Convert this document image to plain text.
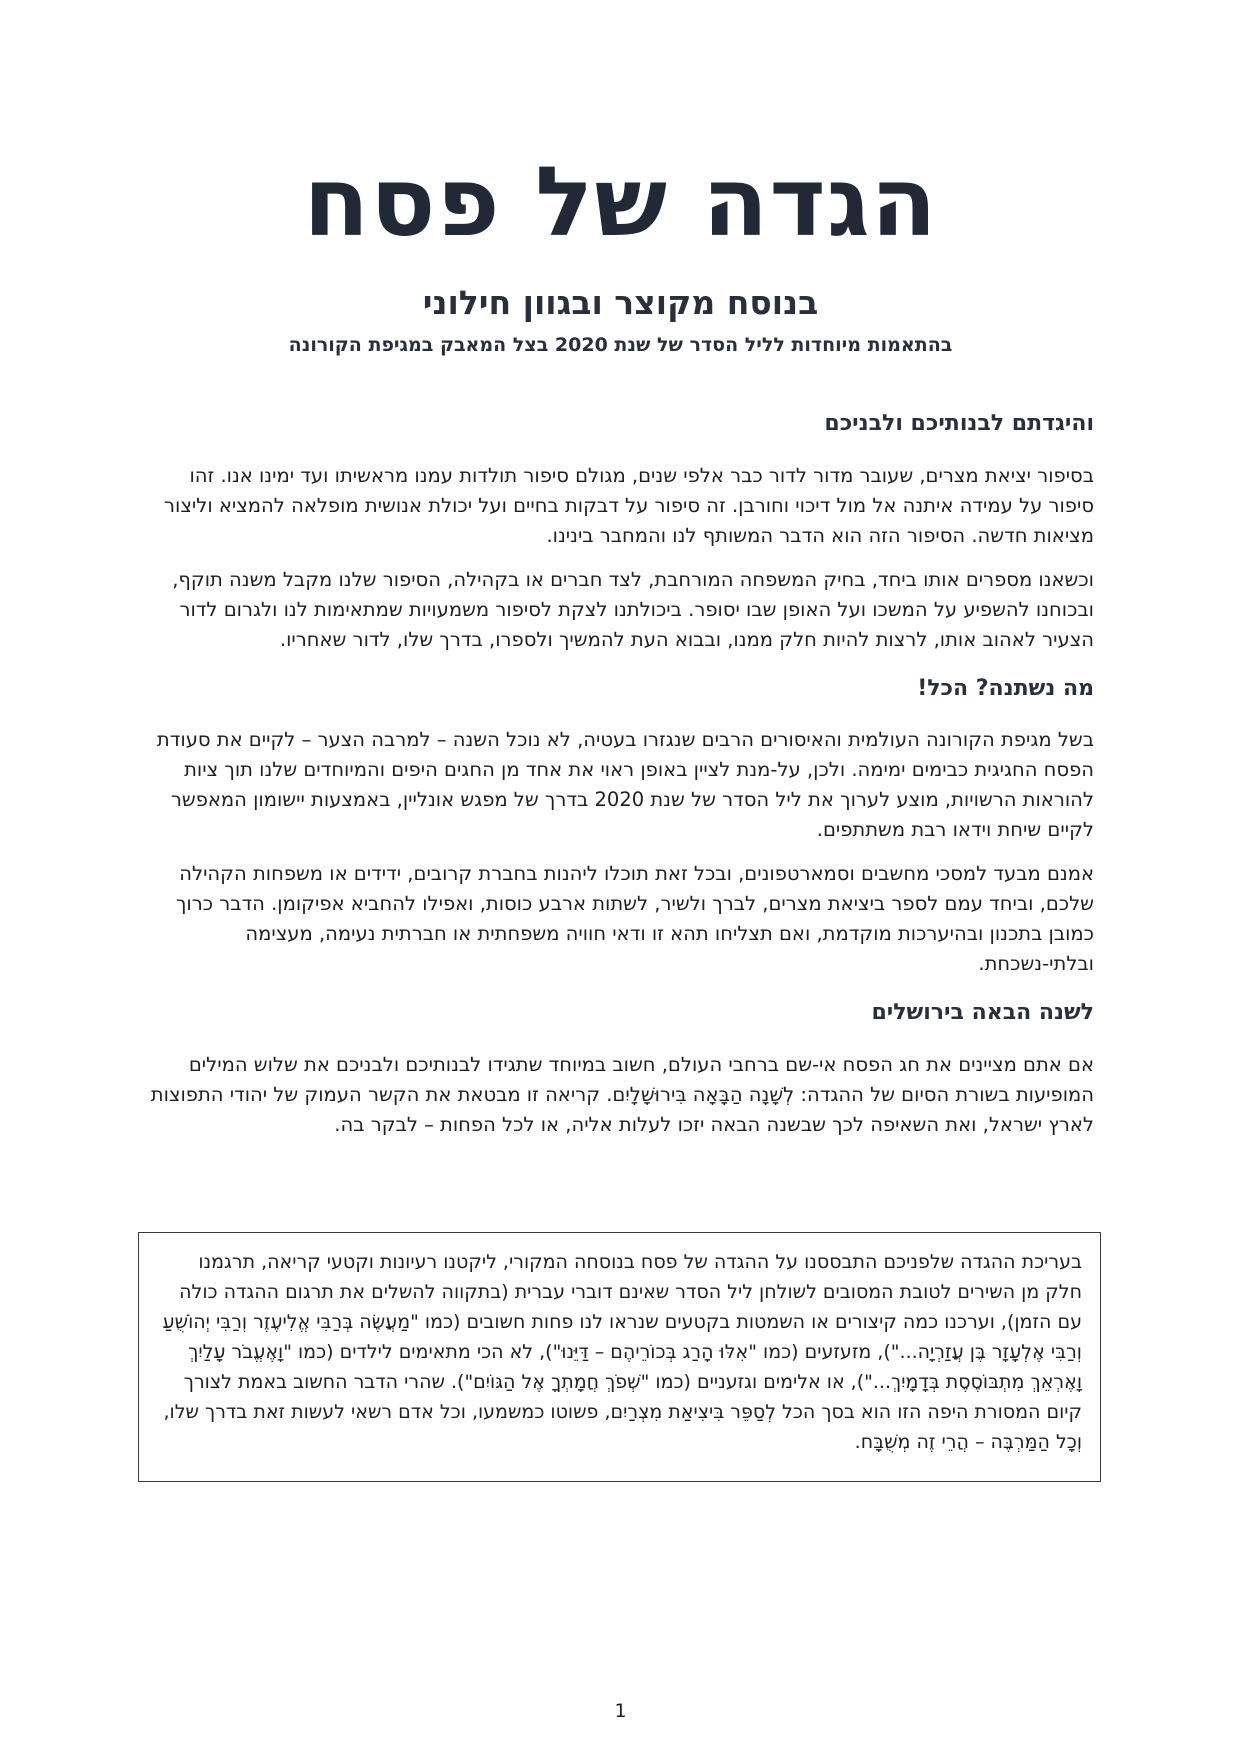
הגדה של פסח
בנוסח מקוצר ובגוון חילוני
בהתאמות מיוחדות לליל הסדר של שנת 2020 בצל המאבק במגיפת הקורונה
והיגדתם לבנותיכם ולבניכם

בסיפור יציאת מצרים, שעובר מדור לדור כבר אלפי שנים, מגולם סיפור תולדות עמנו מראשיתו ועד ימינו אנו. זהו סיפור על עמידה איתנה אל מול דיכוי וחורבן. זה סיפור על דבקות בחיים ועל יכולת אנושית מופלאה להמציא וליצור מציאות חדשה. הסיפור הזה הוא הדבר המשותף לנו והמחבר בינינו.

וכשאנו מספרים אותו ביחד, בחיק המשפחה המורחבת, לצד חברים או בקהילה, הסיפור שלנו מקבל משנה תוקף, ובכוחנו להשפיע על המשכו ועל האופן שבו יסופר. ביכולתנו לצקת לסיפור משמעויות שמתאימות לנו ולגרום לדור הצעיר לאהוב אותו, לרצות להיות חלק ממנו, ובבוא העת להמשיך ולספרו, בדרך שלו, לדור שאחריו.

מה נשתנה? הכל!

בשל מגיפת הקורונה העולמית והאיסורים הרבים שנגזרו בעטיה, לא נוכל השנה – למרבה הצער – לקיים את סעודת הפסח החגיגית כבימים ימימה. ולכן, על-מנת לציין באופן ראוי את אחד מן החגים היפים והמיוחדים שלנו תוך ציות להוראות הרשויות, מוצע לערוך את ליל הסדר של שנת 2020 בדרך של מפגש אונליין, באמצעות יישומון המאפשר לקיים שיחת וידאו רבת משתתפים.

אמנם מבעד למסכי מחשבים וסמארטפונים, ובכל זאת תוכלו ליהנות בחברת קרובים, ידידים או משפחות הקהילה שלכם, וביחד עמם לספר ביציאת מצרים, לברך ולשיר, לשתות ארבע כוסות, ואפילו להחביא אפיקומן. הדבר כרוך כמובן בתכנון ובהיערכות מוקדמת, ואם תצליחו תהא זו ודאי חוויה משפחתית או חברתית נעימה, מעצימה ובלתי-נשכחת.

לשנה הבאה בירושלים

אם אתם מציינים את חג הפסח אי-שם ברחבי העולם, חשוב במיוחד שתגידו לבנותיכם ולבניכם את שלוש המילים המופיעות בשורת הסיום של ההגדה: לְשָׁנָה הַבָּאָה בִּירוּשָׁלָיִם. קריאה זו מבטאת את הקשר העמוק של יהודי התפוצות לארץ ישראל, ואת השאיפה לכך שבשנה הבאה יזכו לעלות אליה, או לכל הפחות – לבקר בה.

בעריכת ההגדה שלפניכם התבססנו על ההגדה של פסח בנוסחה המקורי, ליקטנו רעיונות וקטעי קריאה, תרגמנו חלק מן השירים לטובת המסובים לשולחן ליל הסדר שאינם דוברי עברית (בתקווה להשלים את תרגום ההגדה כולה עם הזמן), וערכנו כמה קיצורים או השמטות בקטעים שנראו לנו פחות חשובים (כמו "מַעֲשֶׂה בְּרַבִּי אֱלִיעֶזֶר וְרַבִּי יְהוֹשֻׁעַ וְרַבִּי אֶלְעָזָר בֶּן עֲזַרְיָה..."), מזעזעים (כמו "אִלּוּ הָרַג בְּכוֹרֵיהֶם – דַּיֵּנוּ"), לא הכי מתאימים לילדים (כמו "וָאֶעֱבֹר עָלַיִךְ וָאֶרְאֵךְ מִתְבּוֹסֶסֶת בְּדָמָיִךְ..."), או אלימים וגזעניים (כמו "שְׁפֹךְ חֲמָתְךָ אֶל הַגּוֹיִם"). שהרי הדבר החשוב באמת לצורך קיום המסורת היפה הזו הוא בסך הכל לְסַפֵּר בִּיצִיאַת מִצְרַיִם, פשוטו כמשמעו, וכל אדם רשאי לעשות זאת בדרך שלו, וְכָל הַמַּרְבֶּה – הֲרֵי זֶה מְשֻׁבָּח.
1
